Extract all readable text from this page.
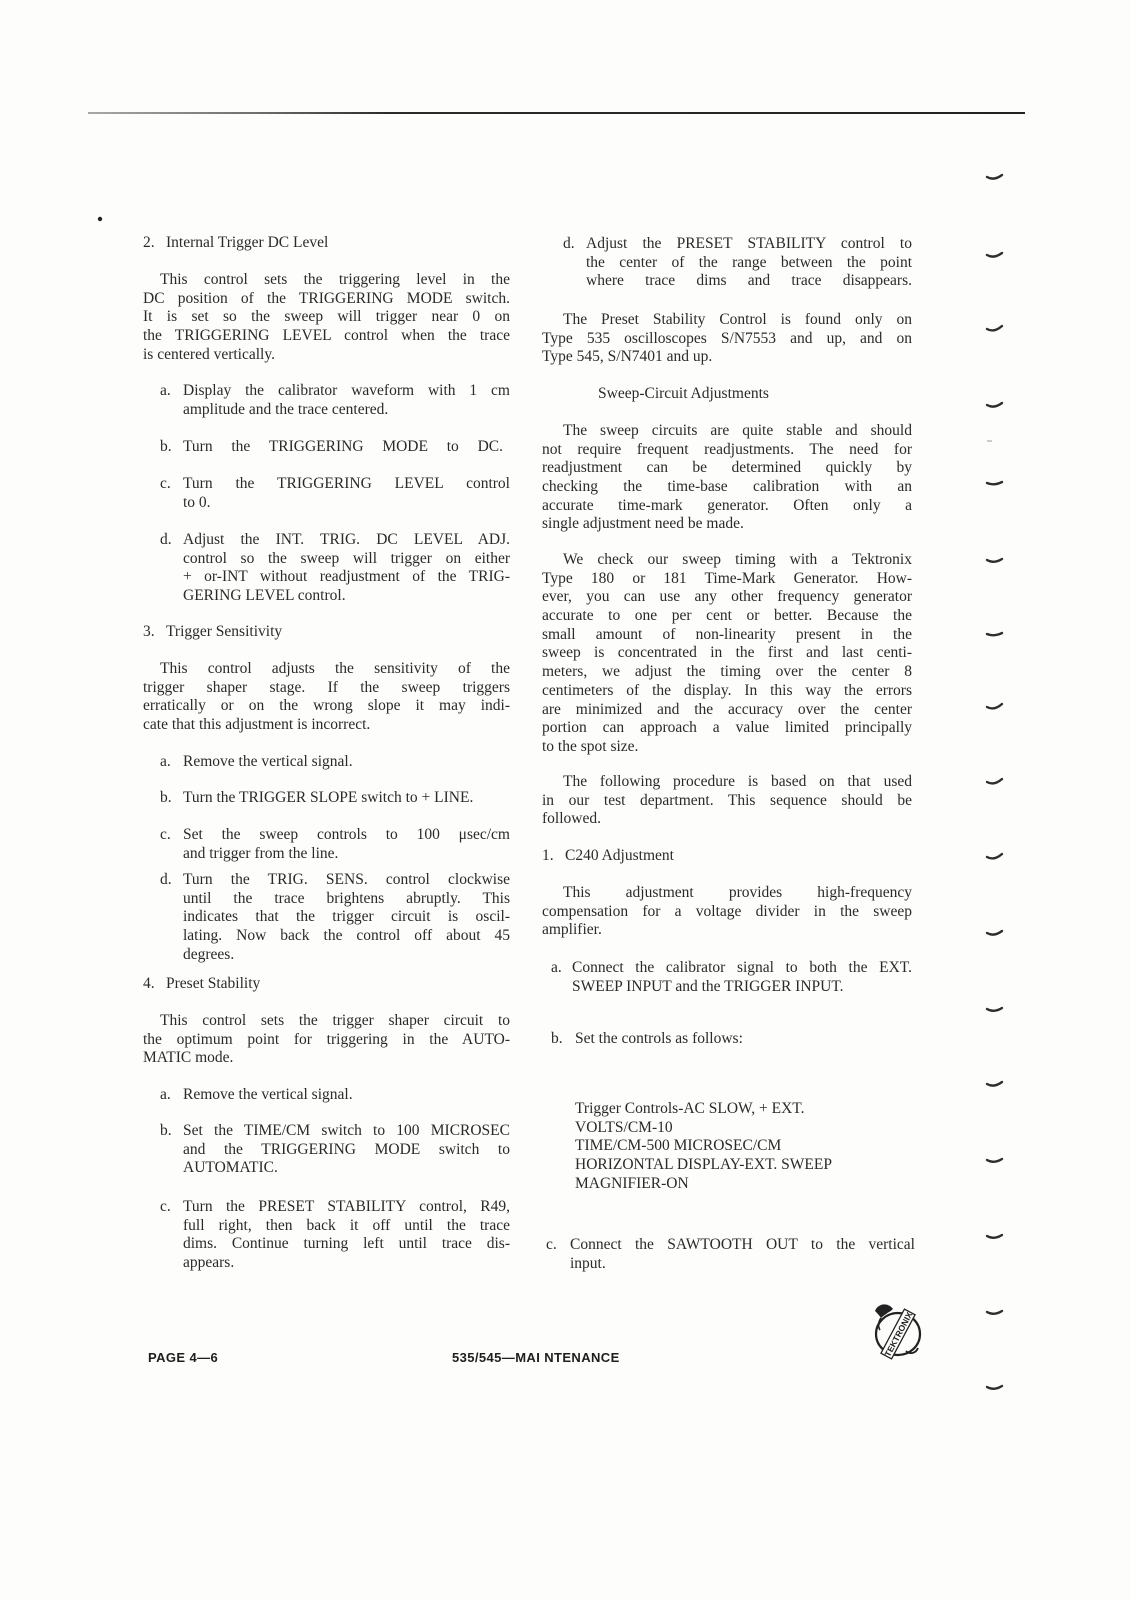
2. Internal Trigger DC Level
This control sets the triggering level in the
DC position of the TRIGGERING MODE switch.
It is set so the sweep will trigger near 0 on
the TRIGGERING LEVEL control when the trace
is centered vertically.
a. Display the calibrator waveform with 1 cm
amplitude and the trace centered.
b. Turn the TRIGGERING MODE to DC.
c. Turn the TRIGGERING LEVEL control
to 0.
d. Adjust the INT. TRIG. DC LEVEL ADJ.
control so the sweep will trigger on either
+ or-INT without readjustment of the TRIG-
GERING LEVEL control.
3. Trigger Sensitivity
This control adjusts the sensitivity of the
trigger shaper stage. If the sweep triggers
erratically or on the wrong slope it may indi-
cate that this adjustment is incorrect.
a. Remove the vertical signal.
b. Turn the TRIGGER SLOPE switch to + LINE.
c. Set the sweep controls to 100 μsec/cm
and trigger from the line.
d. Turn the TRIG. SENS. control clockwise
until the trace brightens abruptly. This
indicates that the trigger circuit is oscil-
lating. Now back the control off about 45
degrees.
4. Preset Stability
This control sets the trigger shaper circuit to
the optimum point for triggering in the AUTO-
MATIC mode.
a. Remove the vertical signal.
b. Set the TIME/CM switch to 100 MICROSEC
and the TRIGGERING MODE switch to
AUTOMATIC.
c. Turn the PRESET STABILITY control, R49,
full right, then back it off until the trace
dims. Continue turning left until trace dis-
appears.
d. Adjust the PRESET STABILITY control to
the center of the range between the point
where trace dims and trace disappears.
The Preset Stability Control is found only on
Type 535 oscilloscopes S/N7553 and up, and on
Type 545, S/N7401 and up.
Sweep-Circuit Adjustments
The sweep circuits are quite stable and should
not require frequent readjustments. The need for
readjustment can be determined quickly by
checking the time-base calibration with an
accurate time-mark generator. Often only a
single adjustment need be made.
We check our sweep timing with a Tektronix
Type 180 or 181 Time-Mark Generator. How-
ever, you can use any other frequency generator
accurate to one per cent or better. Because the
small amount of non-linearity present in the
sweep is concentrated in the first and last centi-
meters, we adjust the timing over the center 8
centimeters of the display. In this way the errors
are minimized and the accuracy over the center
portion can approach a value limited principally
to the spot size.
The following procedure is based on that used
in our test department. This sequence should be
followed.
1. C240 Adjustment
This adjustment provides high-frequency
compensation for a voltage divider in the sweep
amplifier.
a. Connect the calibrator signal to both the EXT.
SWEEP INPUT and the TRIGGER INPUT.
b. Set the controls as follows:
Trigger Controls-AC SLOW, + EXT.
VOLTS/CM-10
TIME/CM-500 MICROSEC/CM
HORIZONTAL DISPLAY-EXT. SWEEP
MAGNIFIER-ON
c. Connect the SAWTOOTH OUT to the vertical
input.
PAGE 4—6	535/545—MAI NTENANCE	TEKTRONIX
